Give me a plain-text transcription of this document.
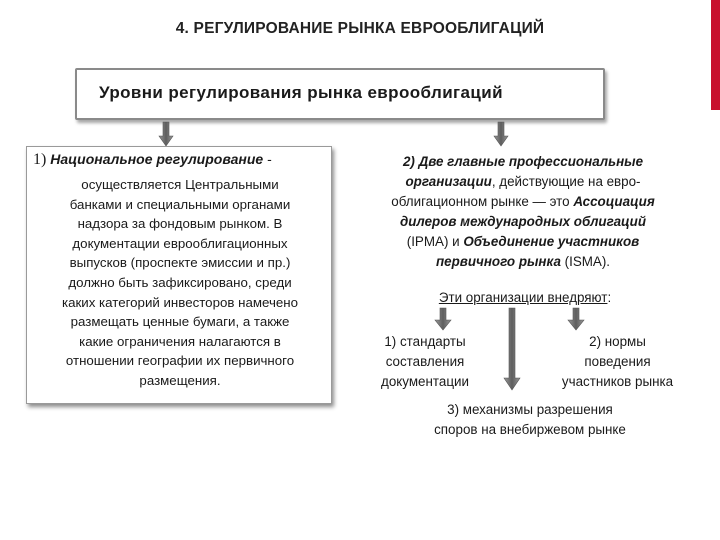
4. РЕГУЛИРОВАНИЕ РЫНКА ЕВРООБЛИГАЦИЙ
Уровни регулирования рынка еврооблигаций
1) Национальное регулирование -
осуществляется Центральными
банками и специальными органами
надзора за фондовым рынком. В
документации еврооблигационных
выпусков (проспекте эмиссии и пр.)
должно быть зафиксировано, среди
каких категорий инвесторов намечено
размещать ценные бумаги, а также
какие ограничения налагаются в
отношении географии их первичного
размещения.
2) Две главные профессиональные
организации, действующие на евро-
облигационном рынке — это Ассоциация
дилеров международных облигаций
(IPMA) и Объединение участников
первичного рынка (ISMA).
Эти организации внедряют:
1) стандарты
составления
документации
2) нормы
поведения
участников рынка
3) механизмы разрешения
споров на внебиржевом рынке
